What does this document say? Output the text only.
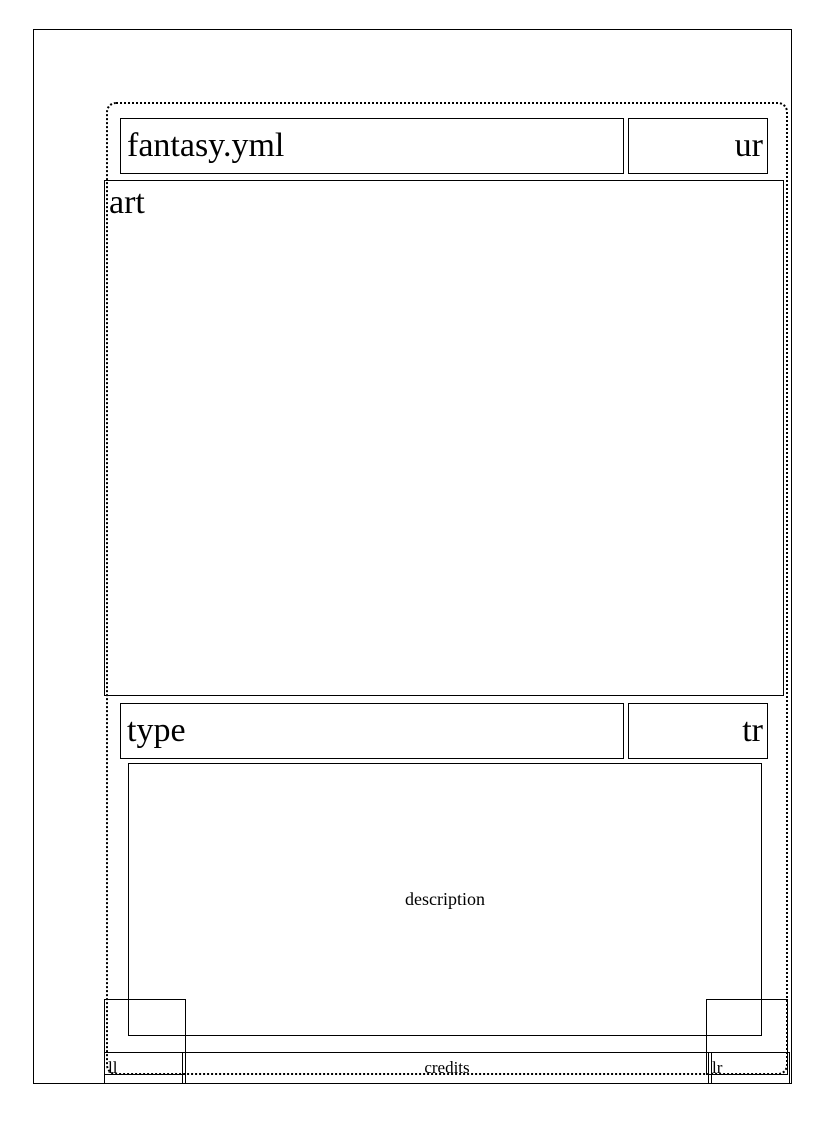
fantasy.yml	ur
art
type	tr
description
ll	credits	lr
